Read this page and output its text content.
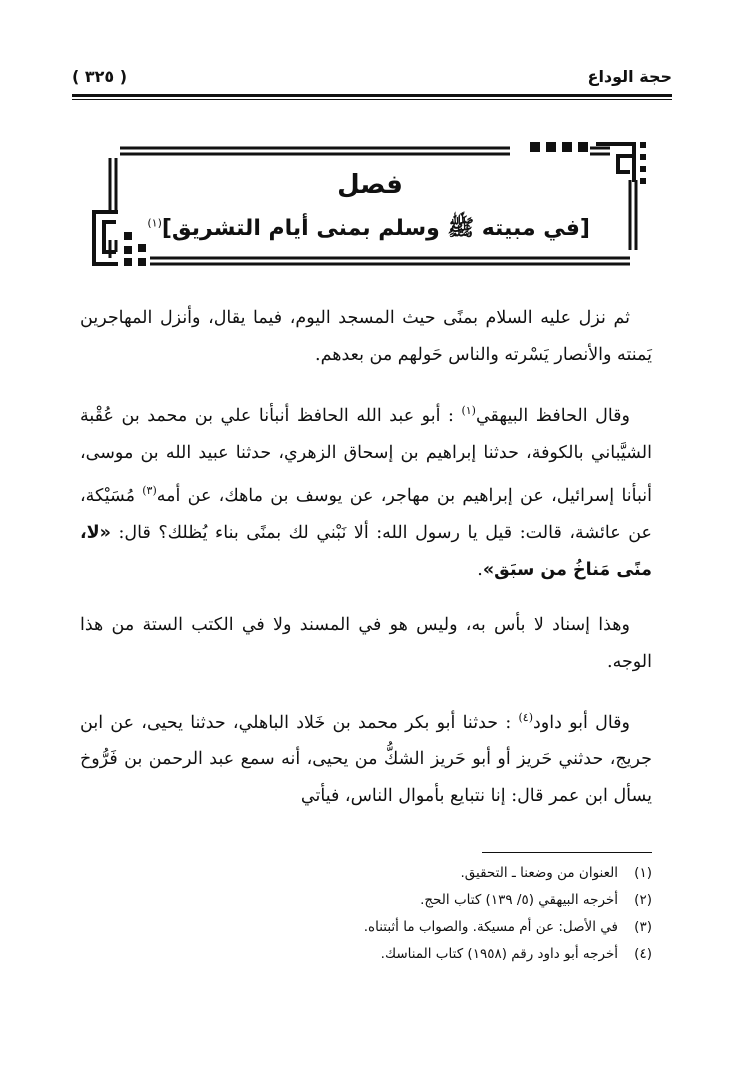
حجة الوداع
( ٣٢٥ )
فصل
[في مبيته ﷺ وسلم بمنى أيام التشريق]$^{(١)}$

ثم نزل عليه السلام بمنًى حيث المسجد اليوم، فيما يقال، وأنزل المهاجرين يَمنته والأنصار يَسْرته والناس حَولهم من بعدهم.

وقال الحافظ البيهقي$^{(١)}$ : أبو عبد الله الحافظ أنبأنا علي بن محمد بن عُقْبة الشيَّباني بالكوفة، حدثنا إبراهيم بن إسحاق الزهري، حدثنا عبيد الله بن موسى، أنبأنا إسرائيل، عن إبراهيم بن مهاجر، عن يوسف بن ماهك، عن أمه$^{(٣)}$ مُسَيْكة، عن عائشة، قالت: قيل يا رسول الله: ألا نَبْني لك بمنًى بناء يُظلك؟ قال: «لا، منًى مَناخُ من سبَق».

وهذا إسناد لا بأس به، وليس هو في المسند ولا في الكتب الستة من هذا الوجه.

وقال أبو داود$^{(٤)}$ : حدثنا أبو بكر محمد بن خَلاد الباهلي، حدثنا يحيى، عن ابن جريج، حدثني حَريز أو أبو حَريز الشكُّ من يحيى، أنه سمع عبد الرحمن بن فَرُّوخ يسأل ابن عمر قال: إنا نتبايع بأموال الناس، فيأتي

(١)
العنوان من وضعنا ـ التحقيق.
(٢)
أخرجه البيهقي (٥/ ١٣٩) كتاب الحج.
(٣)
في الأصل: عن أم مسيكة. والصواب ما أثبتناه.
(٤)
أخرجه أبو داود رقم (١٩٥٨) كتاب المناسك.
